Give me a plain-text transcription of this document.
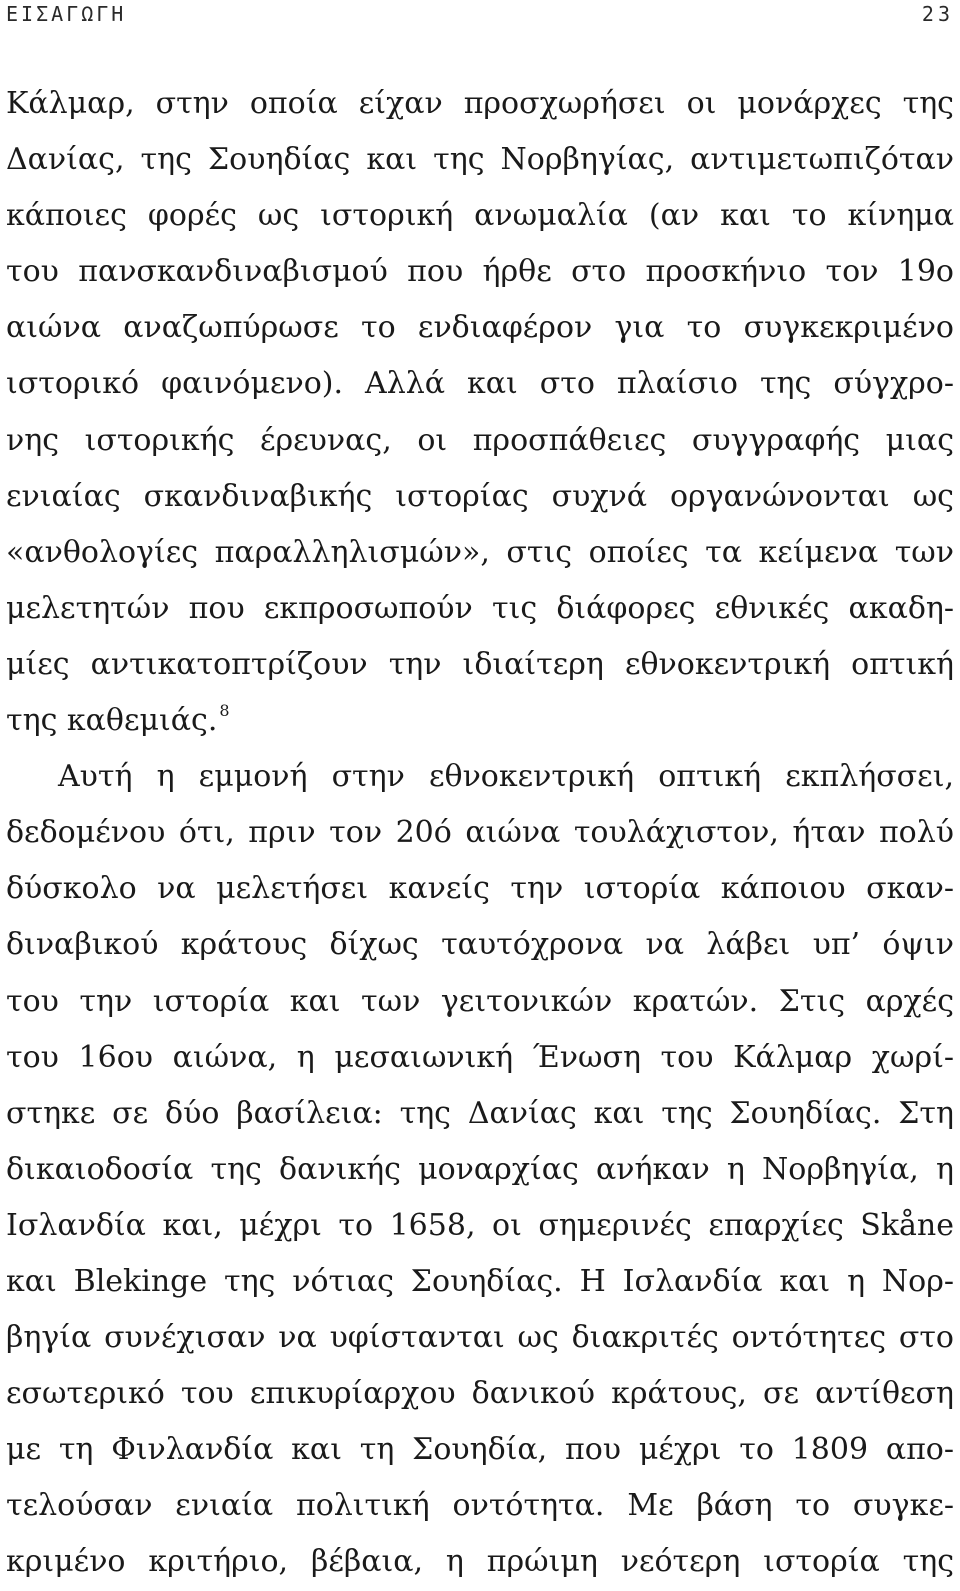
ΕΙΣΑΓΩΓΗ	23
Κάλμαρ, στην οποία είχαν προσχωρήσει οι μονάρχες της
Δανίας, της Σουηδίας και της Νορβηγίας, αντιμετωπιζόταν
κάποιες φορές ως ιστορική ανωμαλία (αν και το κίνημα
του πανσκανδιναβισμού που ήρθε στο προσκήνιο τον 19ο
αιώνα αναζωπύρωσε το ενδιαφέρον για το συγκεκριμένο
ιστορικό φαινόμενο). Αλλά και στο πλαίσιο της σύγχρο-
νης ιστορικής έρευνας, οι προσπάθειες συγγραφής μιας
ενιαίας σκανδιναβικής ιστορίας συχνά οργανώνονται ως
«ανθολογίες παραλληλισμών», στις οποίες τα κείμενα των
μελετητών που εκπροσωπούν τις διάφορες εθνικές ακαδη-
μίες αντικατοπτρίζουν την ιδιαίτερη εθνοκεντρική οπτική
της καθεμιάς. $^8$
Αυτή η εμμονή στην εθνοκεντρική οπτική εκπλήσσει,
δεδομένου ότι, πριν τον 20ό αιώνα τουλάχιστον, ήταν πολύ
δύσκολο να μελετήσει κανείς την ιστορία κάποιου σκαν-
διναβικού κράτους δίχως ταυτόχρονα να λάβει υπ’ όψιν
του την ιστορία και των γειτονικών κρατών. Στις αρχές
του 16ου αιώνα, η μεσαιωνική Ένωση του Κάλμαρ χωρί-
στηκε σε δύο βασίλεια: της Δανίας και της Σουηδίας. Στη
δικαιοδοσία της δανικής μοναρχίας ανήκαν η Νορβηγία, η
Ισλανδία και, μέχρι το 1658, οι σημερινές επαρχίες Skåne
και Blekinge της νότιας Σουηδίας. Η Ισλανδία και η Νορ-
βηγία συνέχισαν να υφίστανται ως διακριτές οντότητες στο
εσωτερικό του επικυρίαρχου δανικού κράτους, σε αντίθεση
με τη Φινλανδία και τη Σουηδία, που μέχρι το 1809 απο-
τελούσαν ενιαία πολιτική οντότητα. Με βάση το συγκε-
κριμένο κριτήριο, βέβαια, η πρώιμη νεότερη ιστορία της
